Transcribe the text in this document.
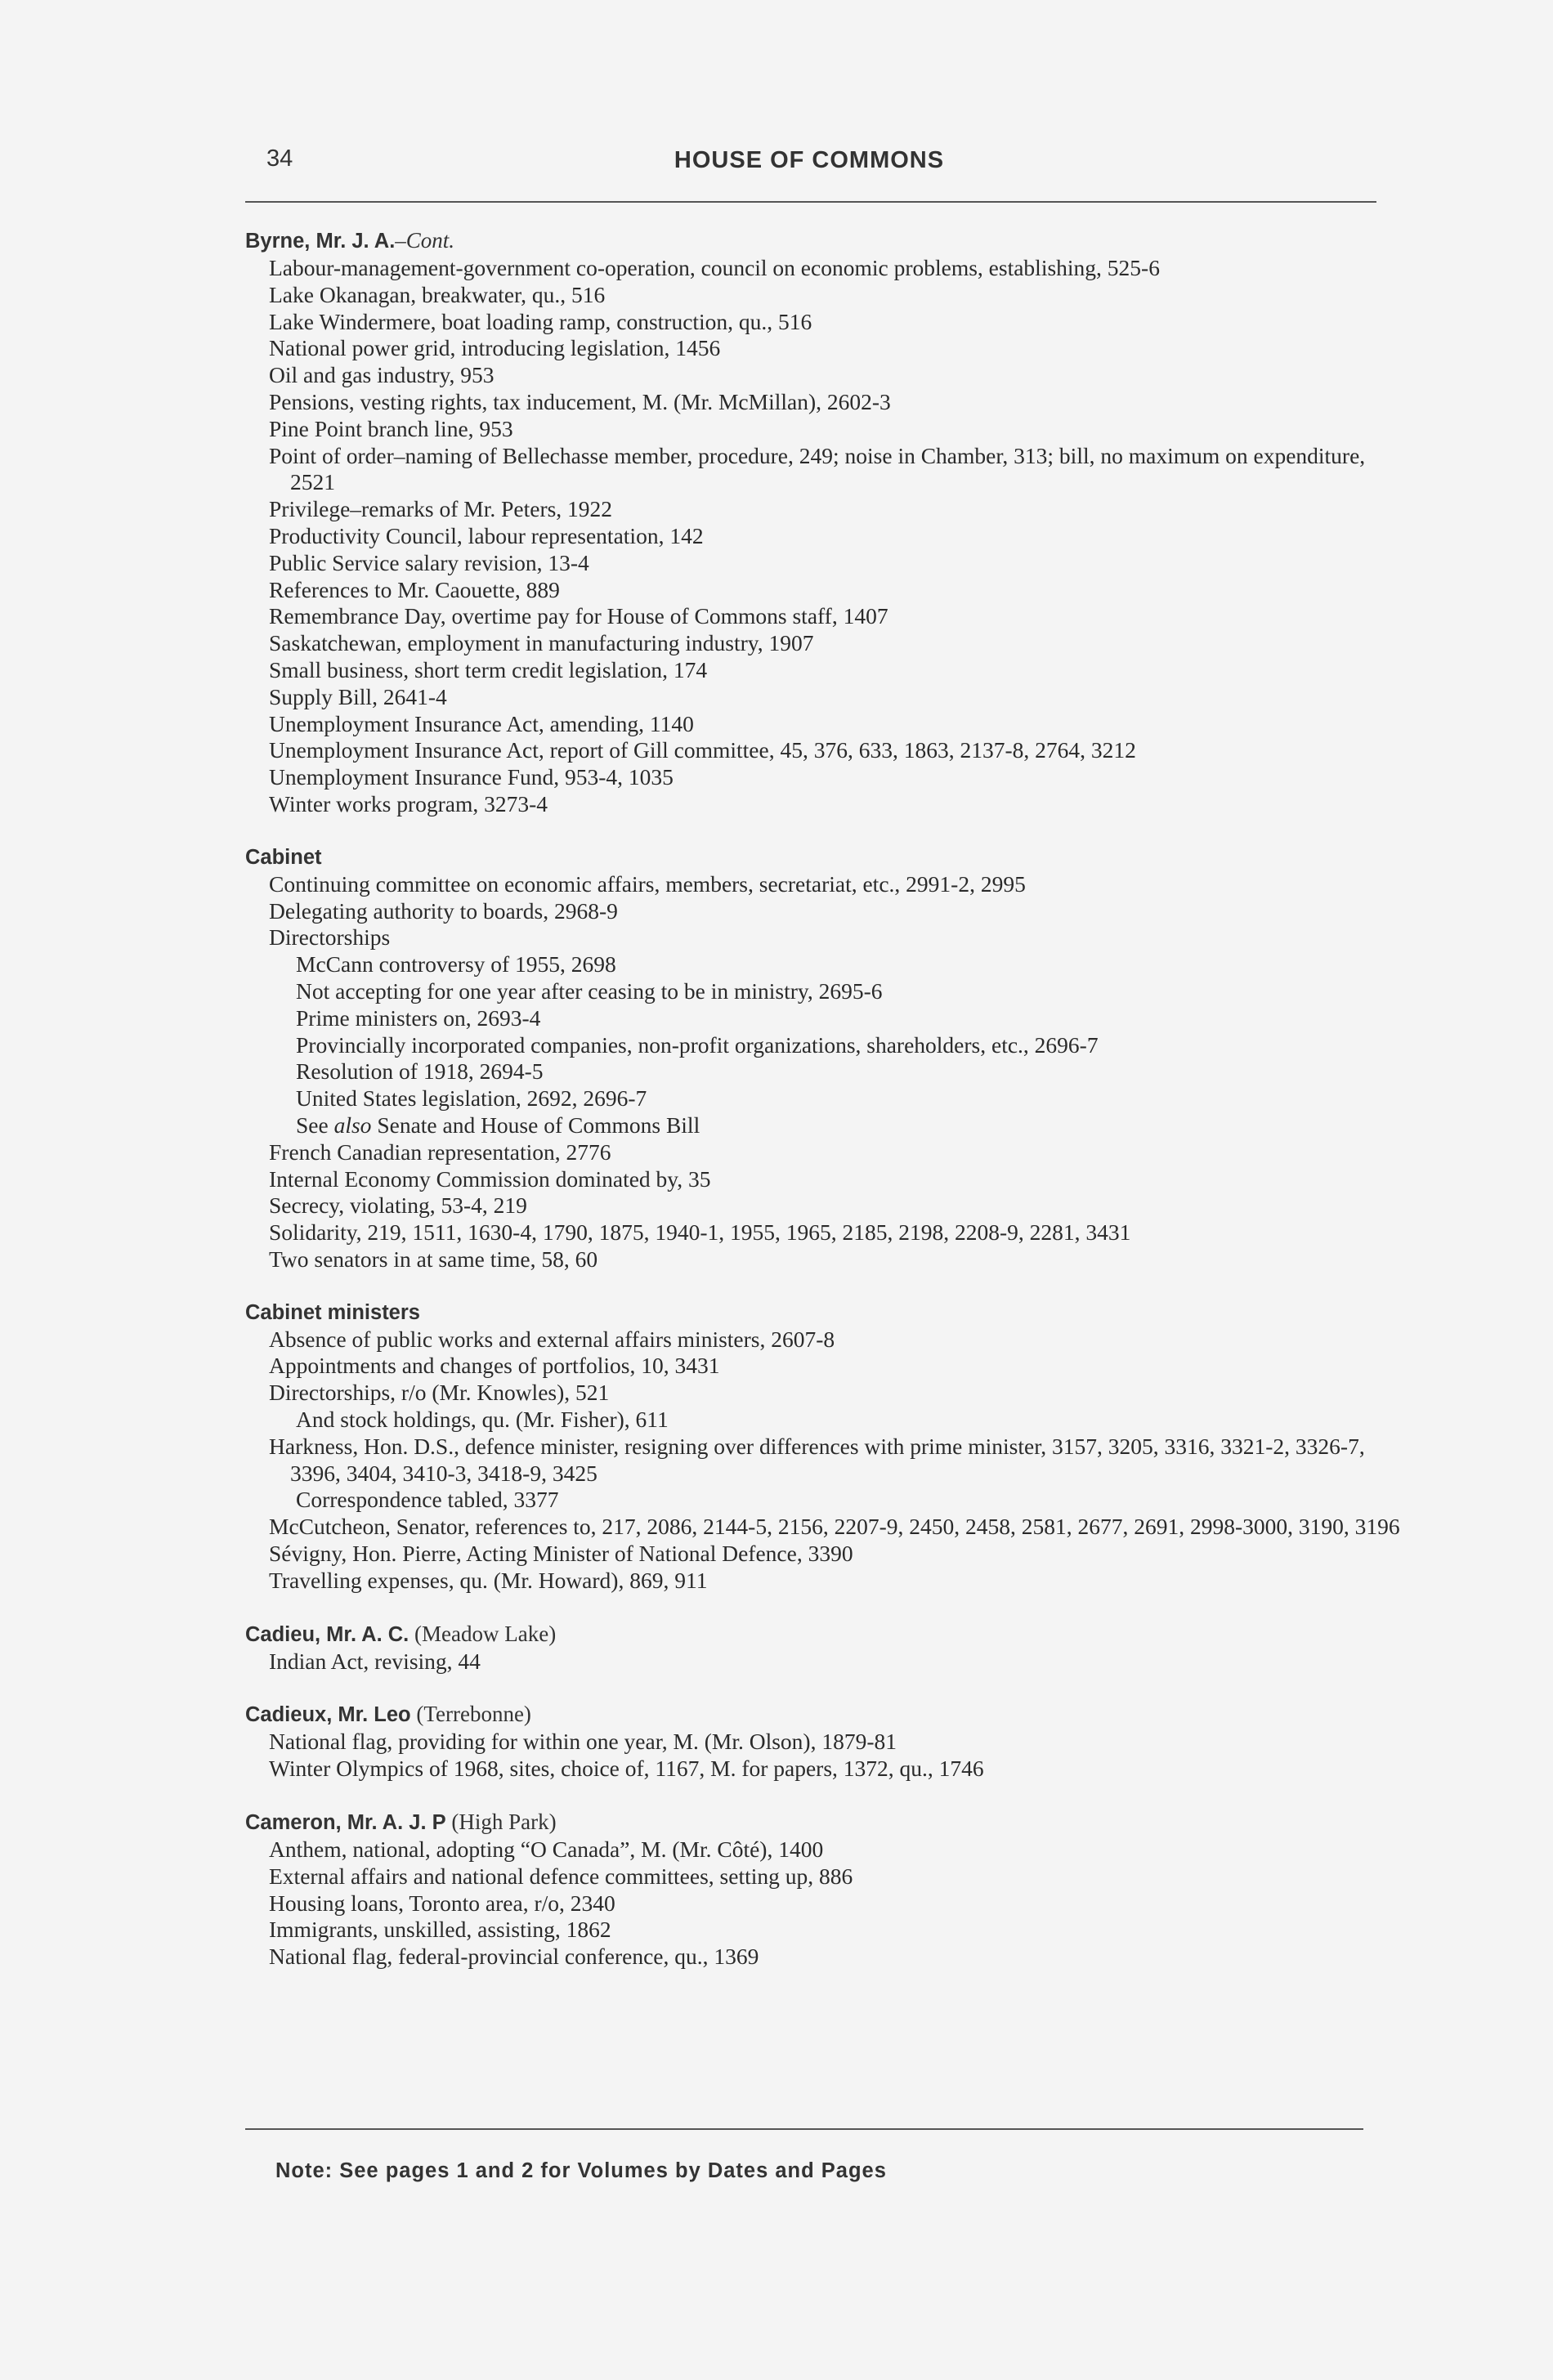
34	HOUSE OF COMMONS
Byrne, Mr. J. A.–Cont.
Labour-management-government co-operation, council on economic problems, establishing, 525-6
Lake Okanagan, breakwater, qu., 516
Lake Windermere, boat loading ramp, construction, qu., 516
National power grid, introducing legislation, 1456
Oil and gas industry, 953
Pensions, vesting rights, tax inducement, M. (Mr. McMillan), 2602-3
Pine Point branch line, 953
Point of order–naming of Bellechasse member, procedure, 249; noise in Chamber, 313; bill, no maximum on expenditure, 2521
Privilege–remarks of Mr. Peters, 1922
Productivity Council, labour representation, 142
Public Service salary revision, 13-4
References to Mr. Caouette, 889
Remembrance Day, overtime pay for House of Commons staff, 1407
Saskatchewan, employment in manufacturing industry, 1907
Small business, short term credit legislation, 174
Supply Bill, 2641-4
Unemployment Insurance Act, amending, 1140
Unemployment Insurance Act, report of Gill committee, 45, 376, 633, 1863, 2137-8, 2764, 3212
Unemployment Insurance Fund, 953-4, 1035
Winter works program, 3273-4
Cabinet
Continuing committee on economic affairs, members, secretariat, etc., 2991-2, 2995
Delegating authority to boards, 2968-9
Directorships
McCann controversy of 1955, 2698
Not accepting for one year after ceasing to be in ministry, 2695-6
Prime ministers on, 2693-4
Provincially incorporated companies, non-profit organizations, shareholders, etc., 2696-7
Resolution of 1918, 2694-5
United States legislation, 2692, 2696-7
See also Senate and House of Commons Bill
French Canadian representation, 2776
Internal Economy Commission dominated by, 35
Secrecy, violating, 53-4, 219
Solidarity, 219, 1511, 1630-4, 1790, 1875, 1940-1, 1955, 1965, 2185, 2198, 2208-9, 2281, 3431
Two senators in at same time, 58, 60
Cabinet ministers
Absence of public works and external affairs ministers, 2607-8
Appointments and changes of portfolios, 10, 3431
Directorships, r/o (Mr. Knowles), 521
And stock holdings, qu. (Mr. Fisher), 611
Harkness, Hon. D.S., defence minister, resigning over differences with prime minister, 3157, 3205, 3316, 3321-2, 3326-7, 3396, 3404, 3410-3, 3418-9, 3425
Correspondence tabled, 3377
McCutcheon, Senator, references to, 217, 2086, 2144-5, 2156, 2207-9, 2450, 2458, 2581, 2677, 2691, 2998-3000, 3190, 3196
Sévigny, Hon. Pierre, Acting Minister of National Defence, 3390
Travelling expenses, qu. (Mr. Howard), 869, 911
Cadieu, Mr. A. C. (Meadow Lake)
Indian Act, revising, 44
Cadieux, Mr. Leo (Terrebonne)
National flag, providing for within one year, M. (Mr. Olson), 1879-81
Winter Olympics of 1968, sites, choice of, 1167, M. for papers, 1372, qu., 1746
Cameron, Mr. A. J. P (High Park)
Anthem, national, adopting “O Canada”, M. (Mr. Côté), 1400
External affairs and national defence committees, setting up, 886
Housing loans, Toronto area, r/o, 2340
Immigrants, unskilled, assisting, 1862
National flag, federal-provincial conference, qu., 1369
Note: See pages 1 and 2 for Volumes by Dates and Pages
